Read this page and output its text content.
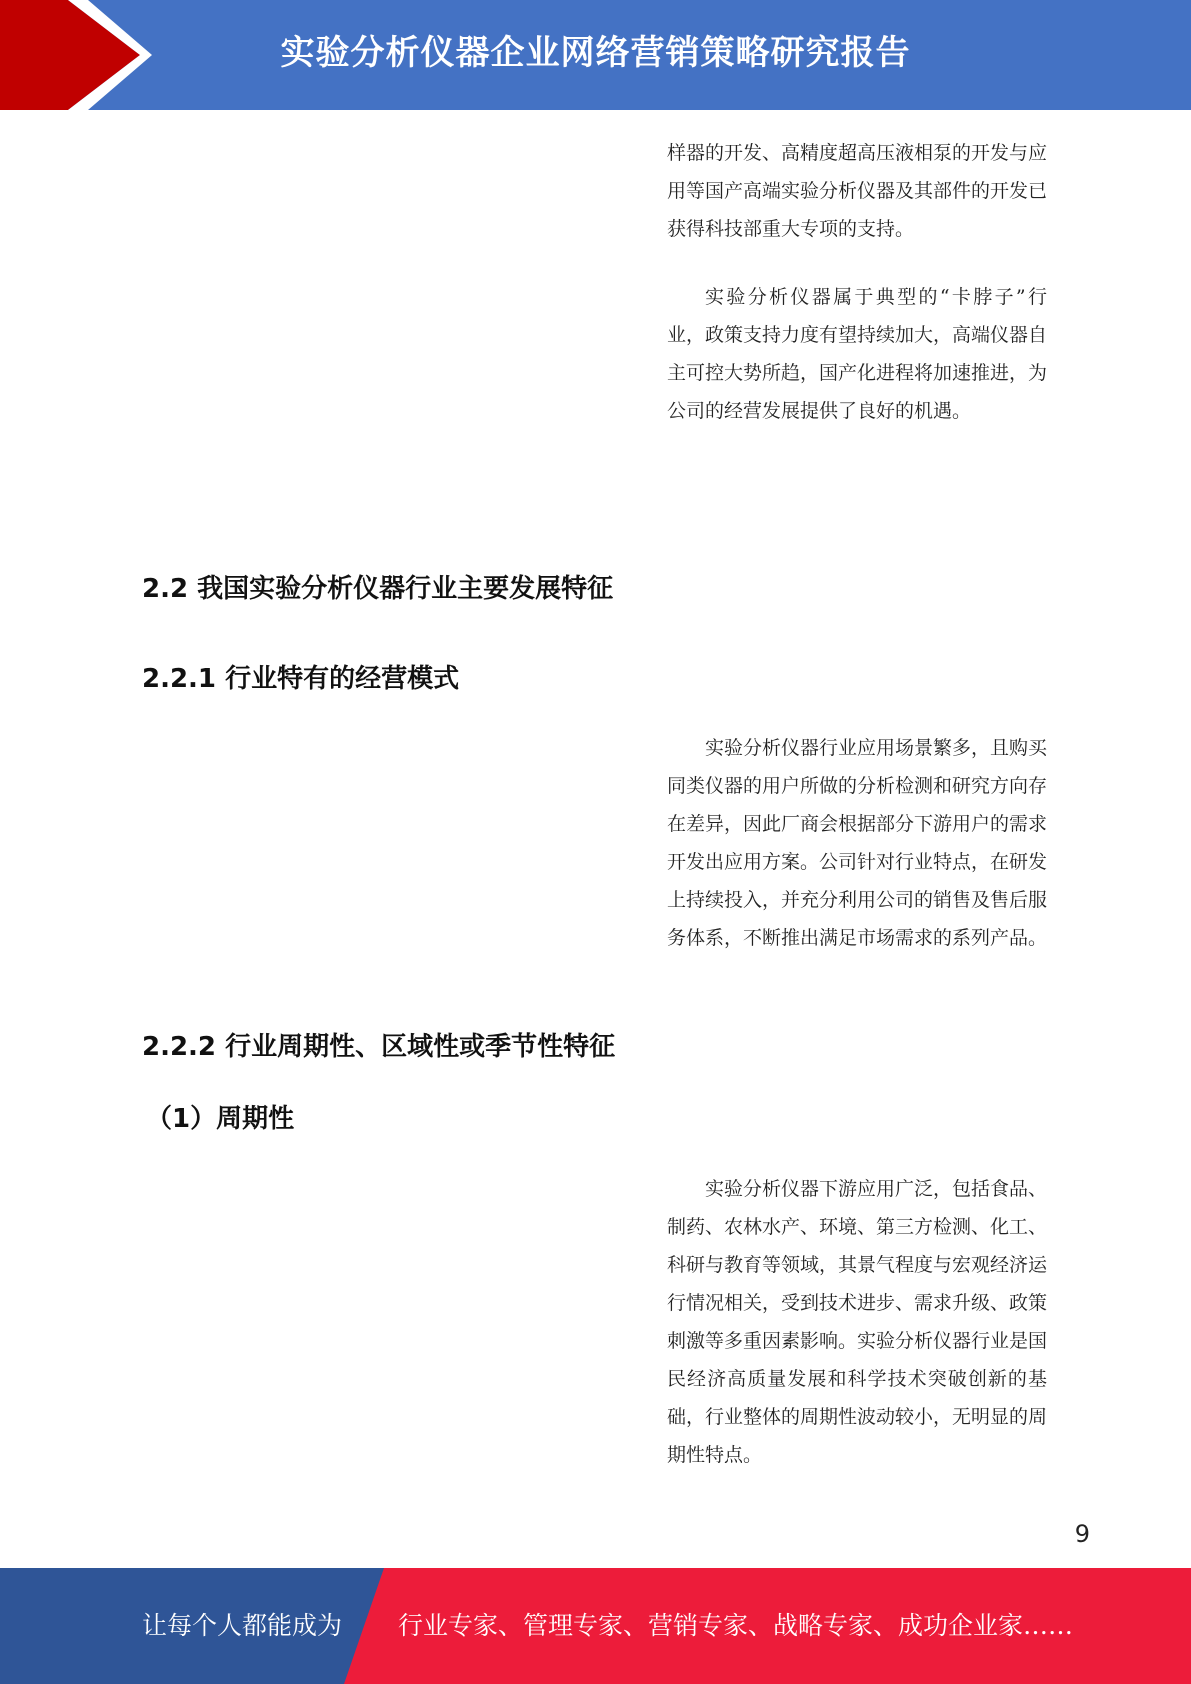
实验分析仪器企业网络营销策略研究报告

样器的开发、高精度超高压液相泵的开发与应用等国产高端实验分析仪器及其部件的开发已获得科技部重大专项的支持。

实验分析仪器属于典型的“卡脖子”行业，政策支持力度有望持续加大，高端仪器自主可控大势所趋，国产化进程将加速推进，为公司的经营发展提供了良好的机遇。

2.2 我国实验分析仪器行业主要发展特征
2.2.1 行业特有的经营模式

实验分析仪器行业应用场景繁多，且购买同类仪器的用户所做的分析检测和研究方向存在差异，因此厂商会根据部分下游用户的需求开发出应用方案。公司针对行业特点，在研发上持续投入，并充分利用公司的销售及售后服务体系，不断推出满足市场需求的系列产品。

2.2.2 行业周期性、区域性或季节性特征
（1）周期性

实验分析仪器下游应用广泛，包括食品、制药、农林水产、环境、第三方检测、化工、科研与教育等领域，其景气程度与宏观经济运行情况相关，受到技术进步、需求升级、政策刺激等多重因素影响。实验分析仪器行业是国民经济高质量发展和科学技术突破创新的基础，行业整体的周期性波动较小，无明显的周期性特点。

9
让每个人都能成为 行业专家、管理专家、营销专家、战略专家、成功企业家……
